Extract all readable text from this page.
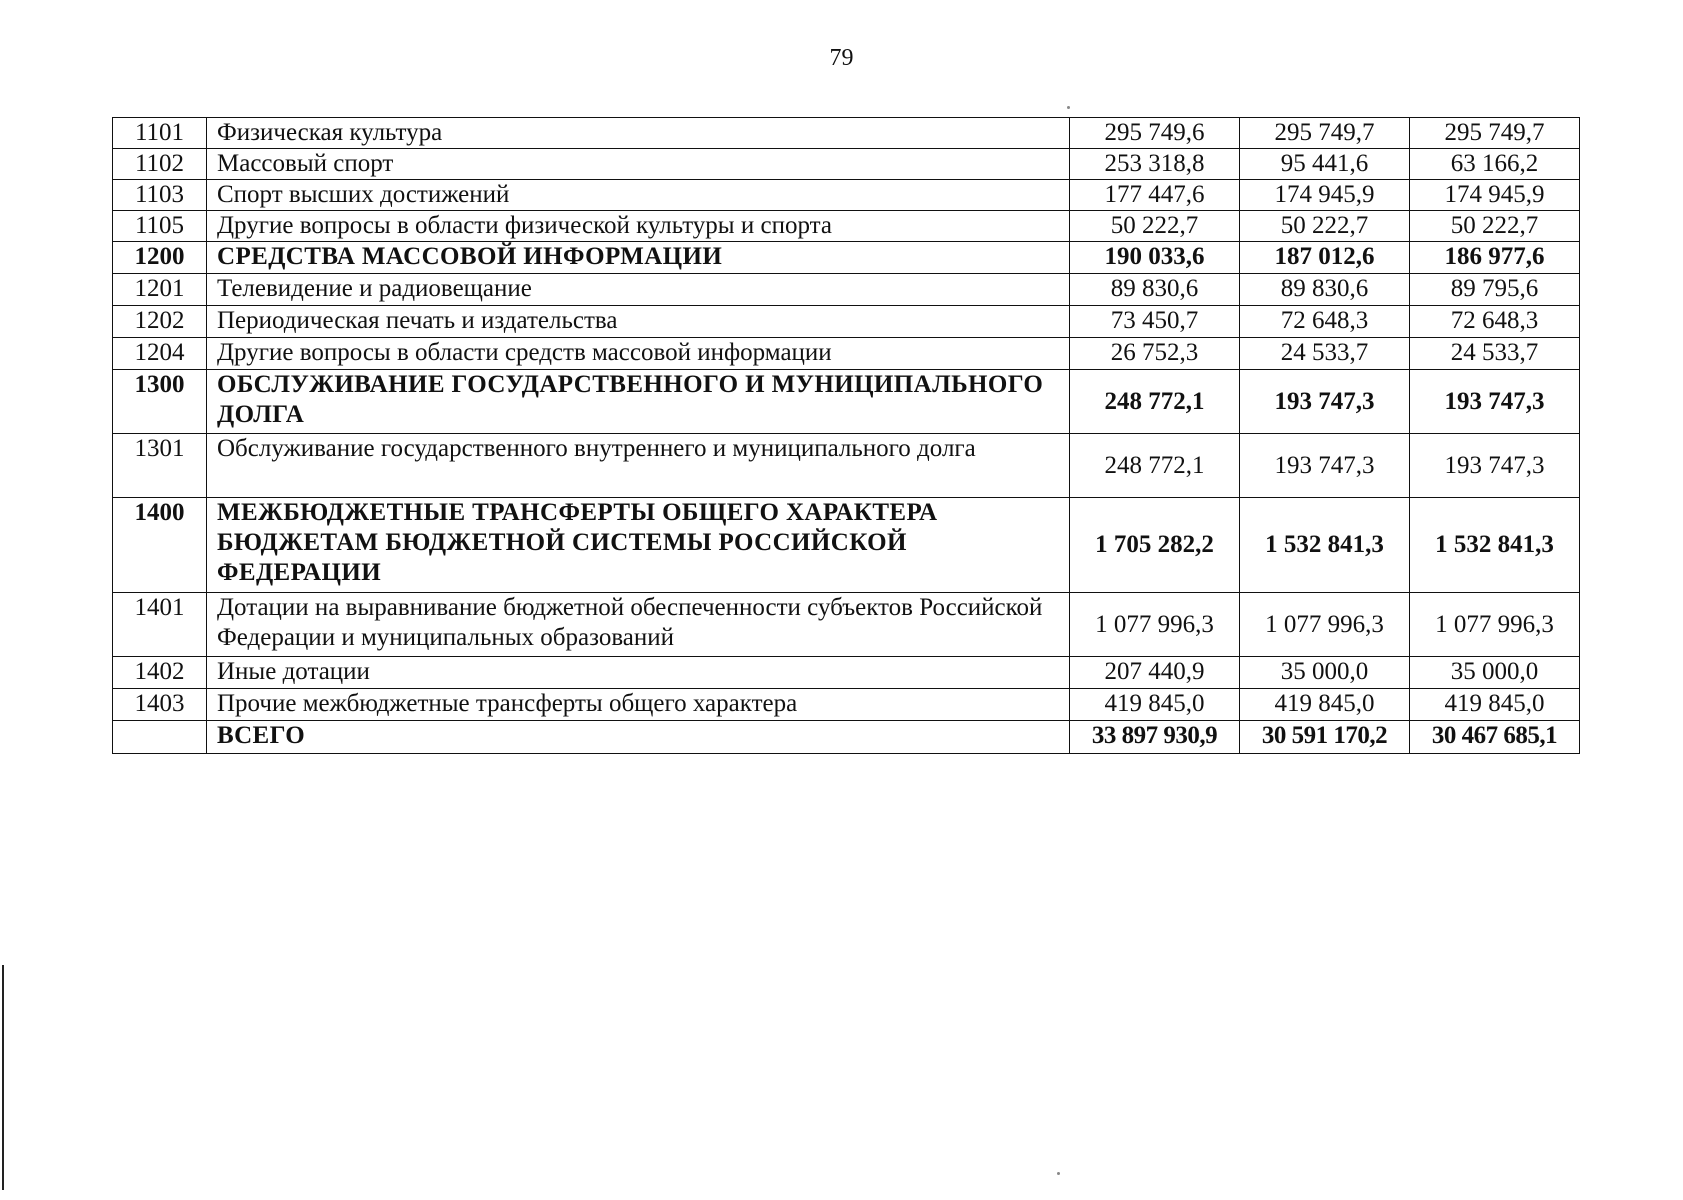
79
1101	Физическая культура	295 749,6	295 749,7	295 749,7
1102	Массовый спорт	253 318,8	95 441,6	63 166,2
1103	Спорт высших достижений	177 447,6	174 945,9	174 945,9
1105	Другие вопросы в области физической культуры и спорта	50 222,7	50 222,7	50 222,7
1200	СРЕДСТВА МАССОВОЙ ИНФОРМАЦИИ	190 033,6	187 012,6	186 977,6
1201	Телевидение и радиовещание	89 830,6	89 830,6	89 795,6
1202	Периодическая печать и издательства	73 450,7	72 648,3	72 648,3
1204	Другие вопросы в области средств массовой информации	26 752,3	24 533,7	24 533,7
1300	ОБСЛУЖИВАНИЕ ГОСУДАРСТВЕННОГО И МУНИЦИПАЛЬНОГО ДОЛГА	248 772,1	193 747,3	193 747,3
1301	Обслуживание государственного внутреннего и муниципального долга	248 772,1	193 747,3	193 747,3
1400	МЕЖБЮДЖЕТНЫЕ ТРАНСФЕРТЫ ОБЩЕГО ХАРАКТЕРА БЮДЖЕТАМ БЮДЖЕТНОЙ СИСТЕМЫ РОССИЙСКОЙ ФЕДЕРАЦИИ	1 705 282,2	1 532 841,3	1 532 841,3
1401	Дотации на выравнивание бюджетной обеспеченности субъектов Российской Федерации и муниципальных образований	1 077 996,3	1 077 996,3	1 077 996,3
1402	Иные дотации	207 440,9	35 000,0	35 000,0
1403	Прочие межбюджетные трансферты общего характера	419 845,0	419 845,0	419 845,0
	ВСЕГО	33 897 930,9	30 591 170,2	30 467 685,1
